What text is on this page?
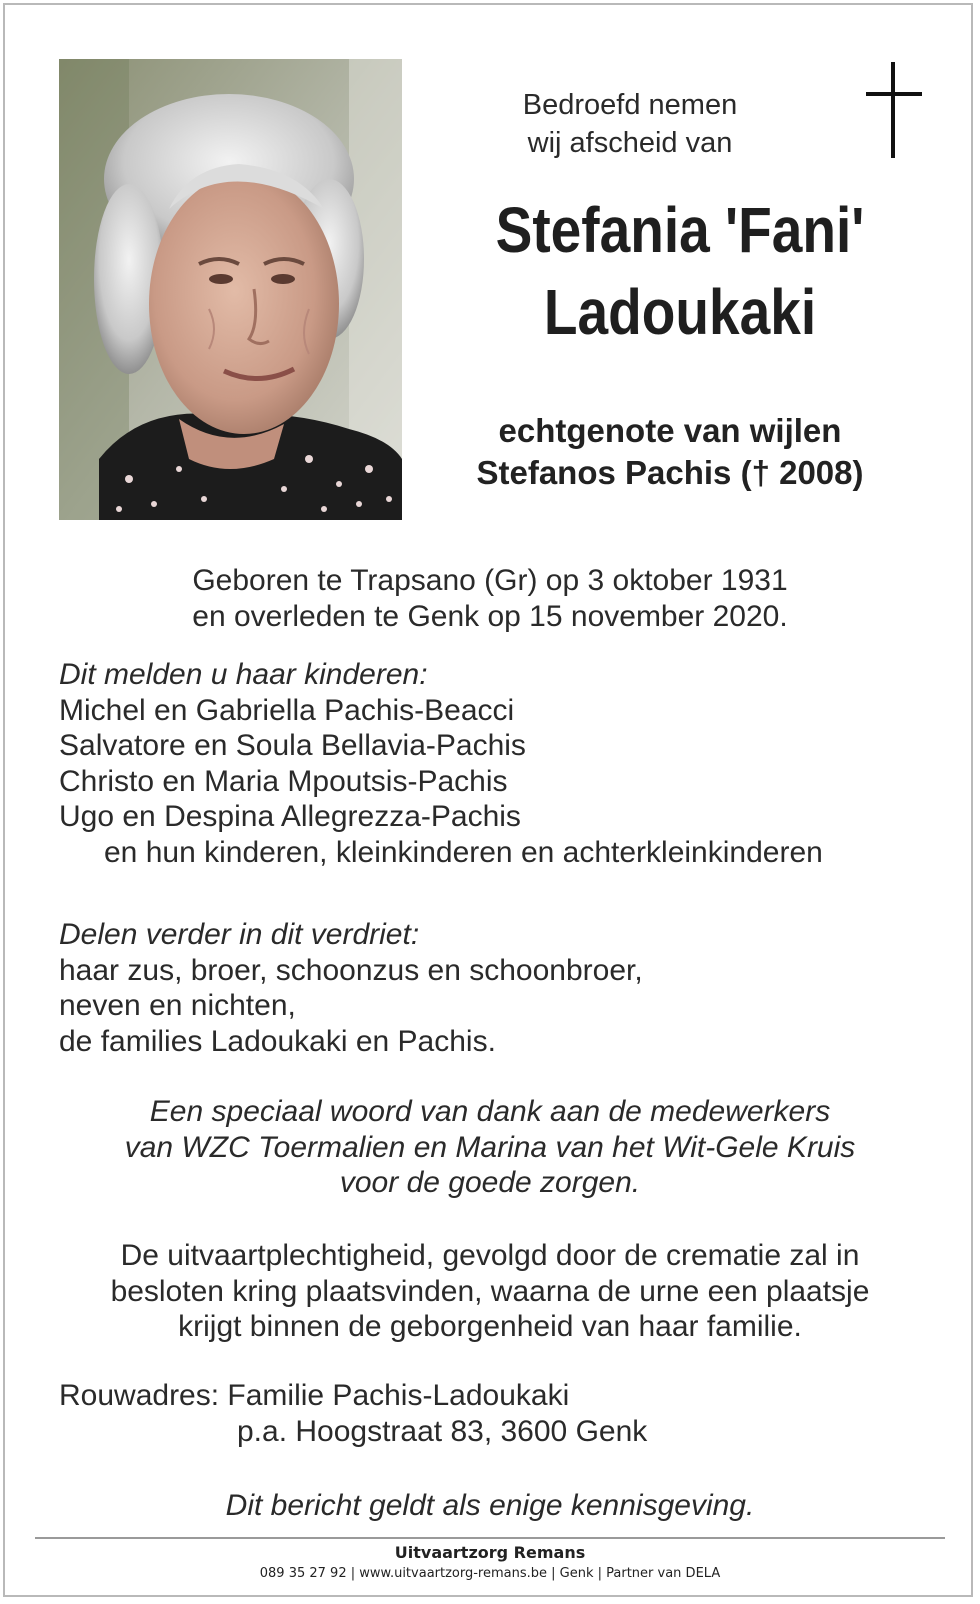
Bedroefd nemen
wij afscheid van
Stefania 'Fani'
Ladoukaki
echtgenote van wijlen
Stefanos Pachis († 2008)
Geboren te Trapsano (Gr) op 3 oktober 1931
en overleden te Genk op 15 november 2020.
Dit melden u haar kinderen:
Michel en Gabriella Pachis-Beacci
Salvatore en Soula Bellavia-Pachis
Christo en Maria Mpoutsis-Pachis
Ugo en Despina Allegrezza-Pachis
en hun kinderen, kleinkinderen en achterkleinkinderen
Delen verder in dit verdriet:
haar zus, broer, schoonzus en schoonbroer,
neven en nichten,
de families Ladoukaki en Pachis.
Een speciaal woord van dank aan de medewerkers
van WZC Toermalien en Marina van het Wit-Gele Kruis
voor de goede zorgen.
De uitvaartplechtigheid, gevolgd door de crematie zal in
besloten kring plaatsvinden, waarna de urne een plaatsje
krijgt binnen de geborgenheid van haar familie.
Rouwadres: Familie Pachis-Ladoukaki
p.a. Hoogstraat 83, 3600 Genk
Dit bericht geldt als enige kennisgeving.
Uitvaartzorg Remans
089 35 27 92 | www.uitvaartzorg-remans.be | Genk | Partner van DELA
